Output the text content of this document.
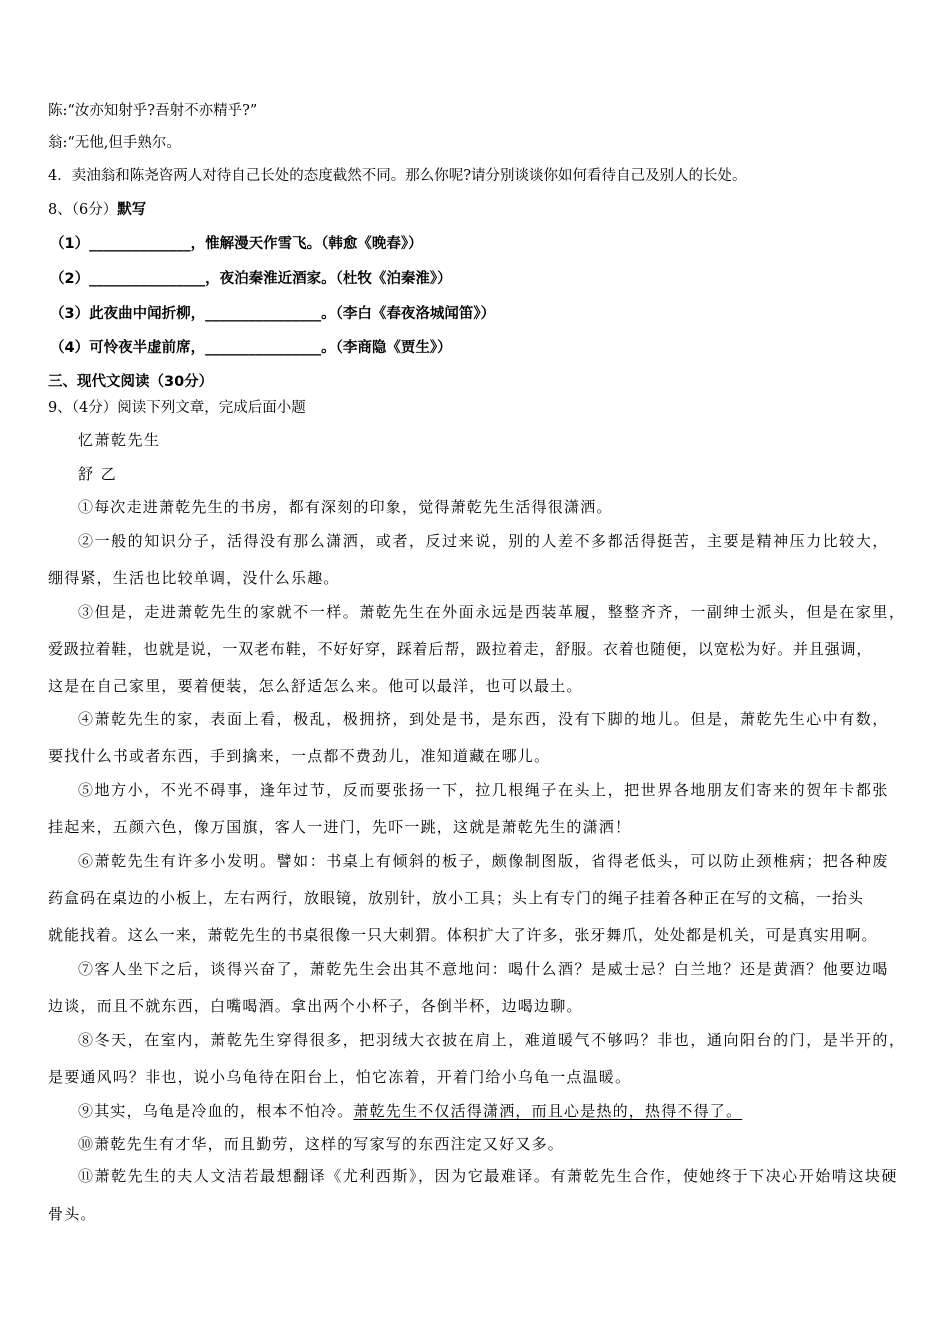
陈:“汝亦知射乎?吾射不亦精乎?”
翁:“无他,但手熟尔。
4．卖油翁和陈尧咨两人对待自己长处的态度截然不同。那么你呢?请分别谈谈你如何看待自己及别人的长处。
8、（6分）默写
（1）______________，惟解漫天作雪飞。（韩愈《晚春》）
（2）________________，夜泊秦淮近酒家。（杜牧《泊秦淮》）
（3）此夜曲中闻折柳，________________。（李白《春夜洛城闻笛》）
（4）可怜夜半虚前席，________________。（李商隐《贾生》）
三、现代文阅读（30分）
9、（4分）阅读下列文章，完成后面小题
忆萧乾先生
舒 乙
①每次走进萧乾先生的书房，都有深刻的印象，觉得萧乾先生活得很潇洒。
②一般的知识分子，活得没有那么潇洒，或者，反过来说，别的人差不多都活得挺苦，主要是精神压力比较大，
绷得紧，生活也比较单调，没什么乐趣。
③但是，走进萧乾先生的家就不一样。萧乾先生在外面永远是西装革履，整整齐齐，一副绅士派头，但是在家里，
爱趿拉着鞋，也就是说，一双老布鞋，不好好穿，踩着后帮，趿拉着走，舒服。衣着也随便，以宽松为好。并且强调，
这是在自己家里，要着便装，怎么舒适怎么来。他可以最洋，也可以最土。
④萧乾先生的家，表面上看，极乱，极拥挤，到处是书，是东西，没有下脚的地儿。但是，萧乾先生心中有数，
要找什么书或者东西，手到擒来，一点都不费劲儿，准知道藏在哪儿。
⑤地方小，不光不碍事，逢年过节，反而要张扬一下，拉几根绳子在头上，把世界各地朋友们寄来的贺年卡都张
挂起来，五颜六色，像万国旗，客人一进门，先吓一跳，这就是萧乾先生的潇洒！
⑥萧乾先生有许多小发明。譬如：书桌上有倾斜的板子，颇像制图版，省得老低头，可以防止颈椎病；把各种废
药盒码在桌边的小板上，左右两行，放眼镜，放别针，放小工具；头上有专门的绳子挂着各种正在写的文稿，一抬头
就能找着。这么一来，萧乾先生的书桌很像一只大刺猬。体积扩大了许多，张牙舞爪，处处都是机关，可是真实用啊。
⑦客人坐下之后，谈得兴奋了，萧乾先生会出其不意地问：喝什么酒？是威士忌？白兰地？还是黄酒？他要边喝
边谈，而且不就东西，白嘴喝酒。拿出两个小杯子，各倒半杯，边喝边聊。
⑧冬天，在室内，萧乾先生穿得很多，把羽绒大衣披在肩上，难道暖气不够吗？非也，通向阳台的门，是半开的，
是要通风吗？非也，说小乌龟待在阳台上，怕它冻着，开着门给小乌龟一点温暖。
⑨其实，乌龟是冷血的，根本不怕冷。萧乾先生不仅活得潇洒，而且心是热的，热得不得了。
⑩萧乾先生有才华，而且勤劳，这样的写家写的东西注定又好又多。
⑪萧乾先生的夫人文洁若最想翻译《尤利西斯》，因为它最难译。有萧乾先生合作，使她终于下决心开始啃这块硬
骨头。
